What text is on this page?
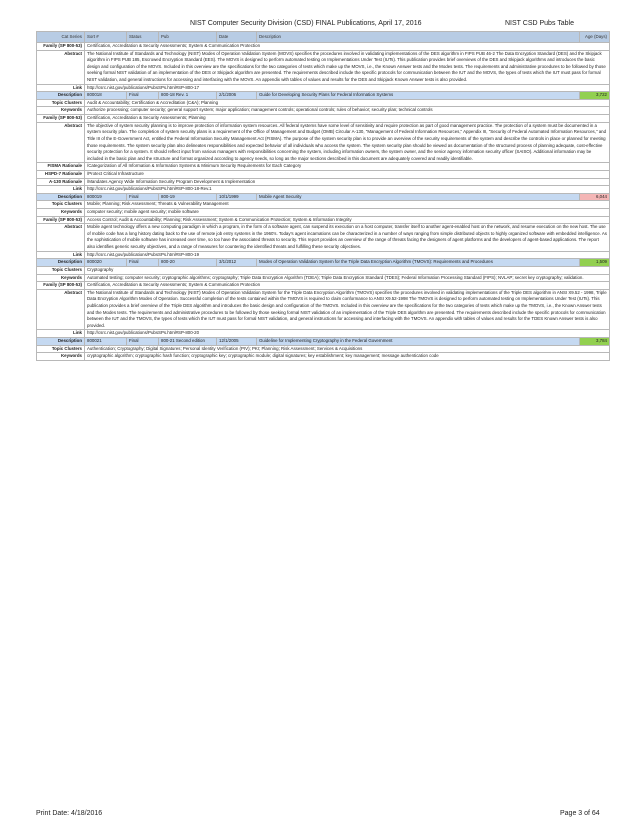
NIST Computer Security Division (CSD) FINAL Publications, April 17, 2016	NIST CSD Pubs Table
Cat Series	Sort #	Status	Pub	Date	Description	Age (Days)
Family (SP 800-53)	Certification, Accreditation & Security Assessments; System & Communication Protection					
Abstract	The National Institute of Standards and Technology (NIST) Modes of Operation Validation System (MOVS) specifies the procedures involved in validating implementations of the DES algorithm in FIPS PUB 46-2 The Data Encryption Standard (DES) and the Skipjack algorithm in FIPS PUB 185, Escrowed Encryption Standard (EES). The MOVS is designed to perform automated testing on Implementations Under Test (IUTs). This publication provides brief overviews of the DES and Skipjack algorithms and introduces the basic design and configuration of the MOVS. Included in this overview are the specifications for the two categories of tests which make up the MOVS, i.e., the Known Answer tests and the Modes tests. The requirements and administrative procedures to be followed by those seeking formal NIST validation of an implementation of the DES or Skipjack algorithm are presented. The requirements described include the specific protocols for communication between the IUT and the MOVS, the types of tests which the IUT must pass for formal NIST validation, and general instructions for accessing and interfacing with the MOVS. An appendix with tables of values and results for the DES and Skipjack Known Answer tests is also provided.					
Link	http://csrc.nist.gov/publications/PubsSPs.html#SP-800-17					
Description	800018	Final	800-18 Rev. 1	2/1/2006	Guide for Developing Security Plans for Federal Information Systems	3,722
Topic Clusters	Audit & Accountability; Certification & Accreditation (C&A); Planning					
Keywords	Authorize processing; computer security; general support system; major application; management controls; operational controls; rules of behavior; security plan; technical controls					
Family (SP 800-53)	Certification, Accreditation & Security Assessments; Planning					
Abstract	The objective of system security planning is to improve protection of information system resources. All federal systems have some level of sensitivity and require protection as part of good management practice. The protection of a system must be documented in a system security plan. The completion of system security plans is a requirement of the Office of Management and Budget (OMB) Circular A-130, "Management of Federal Information Resources," Appendix III, "Security of Federal Automated Information Resources," and Title III of the E-Government Act, entitled the Federal Information Security Management Act (FISMA). The purpose of the system security plan is to provide an overview of the security requirements of the system and describe the controls in place or planned for meeting those requirements. The system security plan also delineates responsibilities and expected behavior of all individuals who access the system. The system security plan should be viewed as documentation of the structured process of planning adequate, cost-effective security protection for a system. It should reflect input from various managers with responsibilities concerning the system, including information owners, the system owner, and the senior agency information security officer (SAISO). Additional information may be included in the basic plan and the structure and format organized according to agency needs, so long as the major sections described in this document are adequately covered and readily identifiable.					
FISMA Rationale	/Categorization of All Information & Information Systems & Minimum Security Requirements for Each Category					
HSPD-7 Rationale	/Protect Critical Infrastructure					
A-130 Rationale	/Mandates Agency Wide Information Security Program Development & Implementation					
Link	http://csrc.nist.gov/publications/PubsSPs.html#SP-800-18-Rev.1					
Description	800019	Final	800-19	10/1/1999	Mobile Agent Security	6,044
Topic Clusters	Mobile; Planning; Risk Assessment; Threats & Vulnerability Management					
Keywords	computer security; mobile agent security; mobile software					
Family (SP 800-53)	Access Control; Audit & Accountability; Planning; Risk Assessment; System & Communication Protection; System & Information Integrity					
Abstract	Mobile agent technology offers a new computing paradigm in which a program, in the form of a software agent, can suspend its execution on a host computer, transfer itself to another agent-enabled host on the network, and resume execution on the new host. The use of mobile code has a long history dating back to the use of remote job entry systems in the 1960's. Today's agent incarnations can be characterized in a number of ways ranging from simple distributed objects to highly organized software with embedded intelligence. As the sophistication of mobile software has increased over time, so too have the associated threats to security. This report provides an overview of the range of threats facing the designers of agent platforms and the developers of agent-based applications. The report also identifies generic security objectives, and a range of measures for countering the identified threats and fulfilling these security objectives.					
Link	http://csrc.nist.gov/publications/PubsSPs.html#SP-800-19					
Description	800020	Final	800-20	3/1/2012	Modes of Operation Validation System for the Triple Data Encryption Algorithm (TMOVS): Requirements and Procedures	1,509
Topic Clusters	Cryptography					
Keywords	Automated testing; computer security; cryptographic algorithms; cryptography; Triple Data Encryption Algorithm (TDEA); Triple Data Encryption Standard (TDES); Federal Information Processing Standard (FIPS); NVLAP; secret key cryptography; validation.					
Family (SP 800-53)	Certification, Accreditation & Security Assessments; System & Communication Protection					
Abstract	The National Institute of Standards and Technology (NIST) Modes of Operation Validation System for the Triple Data Encryption Algorithm (TMOVS) specifies the procedures involved in validating implementations of the Triple DES algorithm in ANSI X9.52 - 1998, Triple Data Encryption Algorithm Modes of Operation. Successful completion of the tests contained within the TMOVS is required to claim conformance to ANSI X9.52-1998 The TMOVS is designed to perform automated testing on Implementations Under Test (IUTs). This publication provides a brief overview of the Triple DES algorithm and introduces the basic design and configuration of the TMOVS. Included in this overview are the specifications for the two categories of tests which make up the TMOVS, i.e., the Known Answer tests and the Modes tests. The requirements and administrative procedures to be followed by those seeking formal NIST validation of an implementation of the Triple DES algorithm are presented. The requirements described include the specific protocols for communication between the IUT and the TMOVS, the types of tests which the IUT must pass for formal NIST validation, and general instructions for accessing and interfacing with the TMOVS. An appendix with tables of values and results for the TDES Known Answer tests is also provided.					
Link	http://csrc.nist.gov/publications/PubsSPs.html#SP-800-20					
Description	800021	Final	800-21 Second edition	12/1/2005	Guideline for Implementing Cryptography in the Federal Government	3,784
Topic Clusters	Authentication; Cryptography; Digital Signatures; Personal Identity Verification (PIV); PKI; Planning; Risk Assessment; Services & Acquisitions					
Keywords	cryptographic algorithm; cryptographic hash function; cryptographic key; cryptographic module; digital signatures; key establishment; key management; message authentication code					
Print Date: 4/18/2016	Page 3 of 64
